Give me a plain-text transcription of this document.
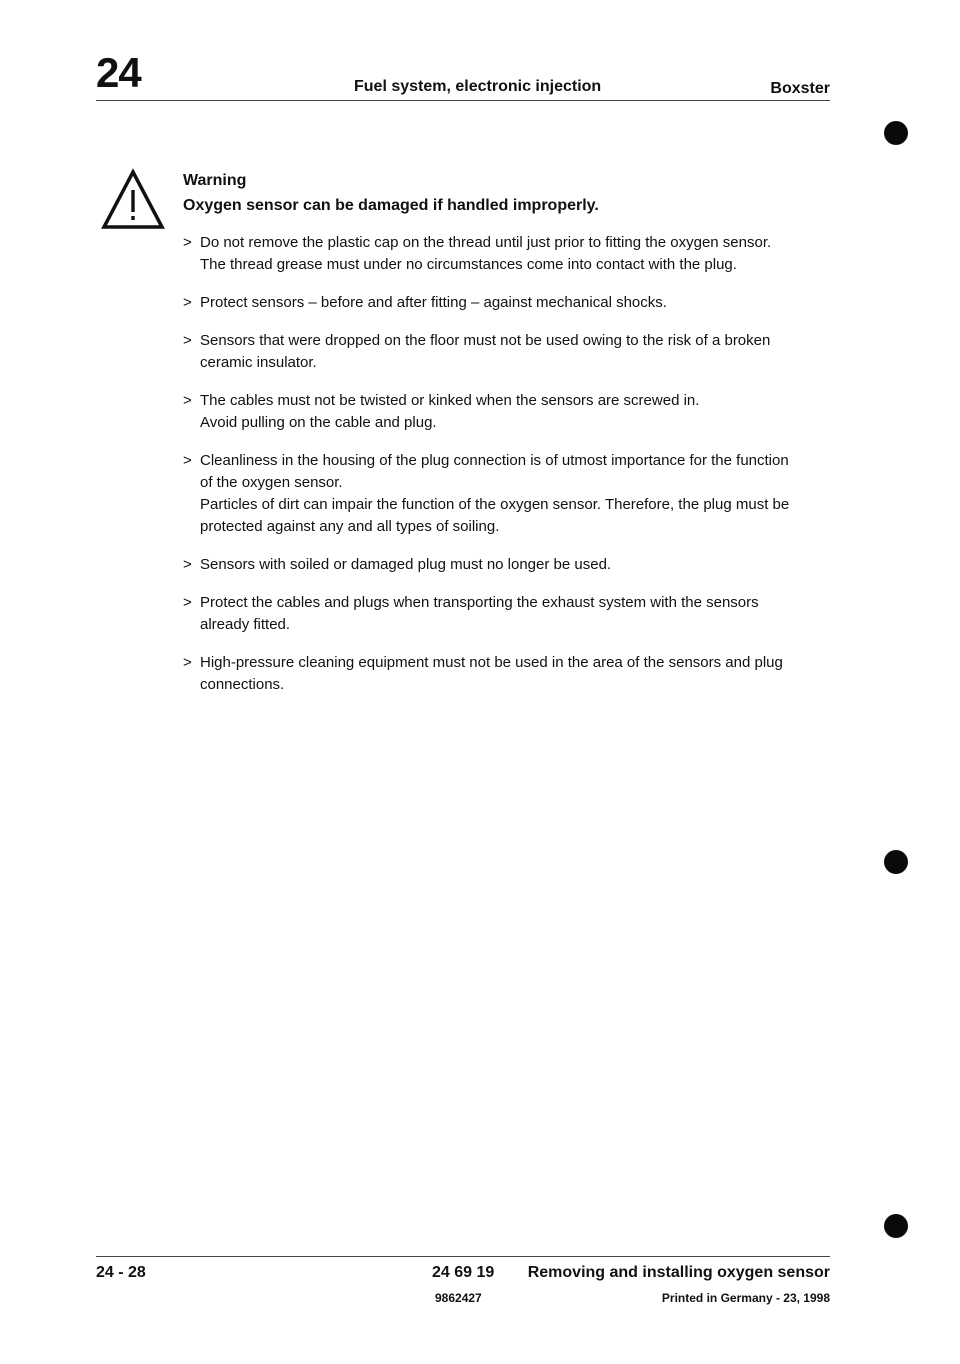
24	Fuel system, electronic injection	Boxster
Warning
Oxygen sensor can be damaged if handled improperly.
> Do not remove the plastic cap on the thread until just prior to fitting the oxygen sensor.
The thread grease must under no circumstances come into contact with the plug.
> Protect sensors – before and after fitting – against mechanical shocks.
> Sensors that were dropped on the floor must not be used owing to the risk of a broken
ceramic insulator.
> The cables must not be twisted or kinked when the sensors are screwed in.
Avoid pulling on the cable and plug.
> Cleanliness in the housing of the plug connection is of utmost importance for the function
of the oxygen sensor.
Particles of dirt can impair the function of the oxygen sensor. Therefore, the plug must be
protected against any and all types of soiling.
> Sensors with soiled or damaged plug must no longer be used.
> Protect the cables and plugs when transporting the exhaust system with the sensors
already fitted.
> High-pressure cleaning equipment must not be used in the area of the sensors and plug
connections.
24 - 28	24 69 19 Removing and installing oxygen sensor
9862427	Printed in Germany - 23, 1998
